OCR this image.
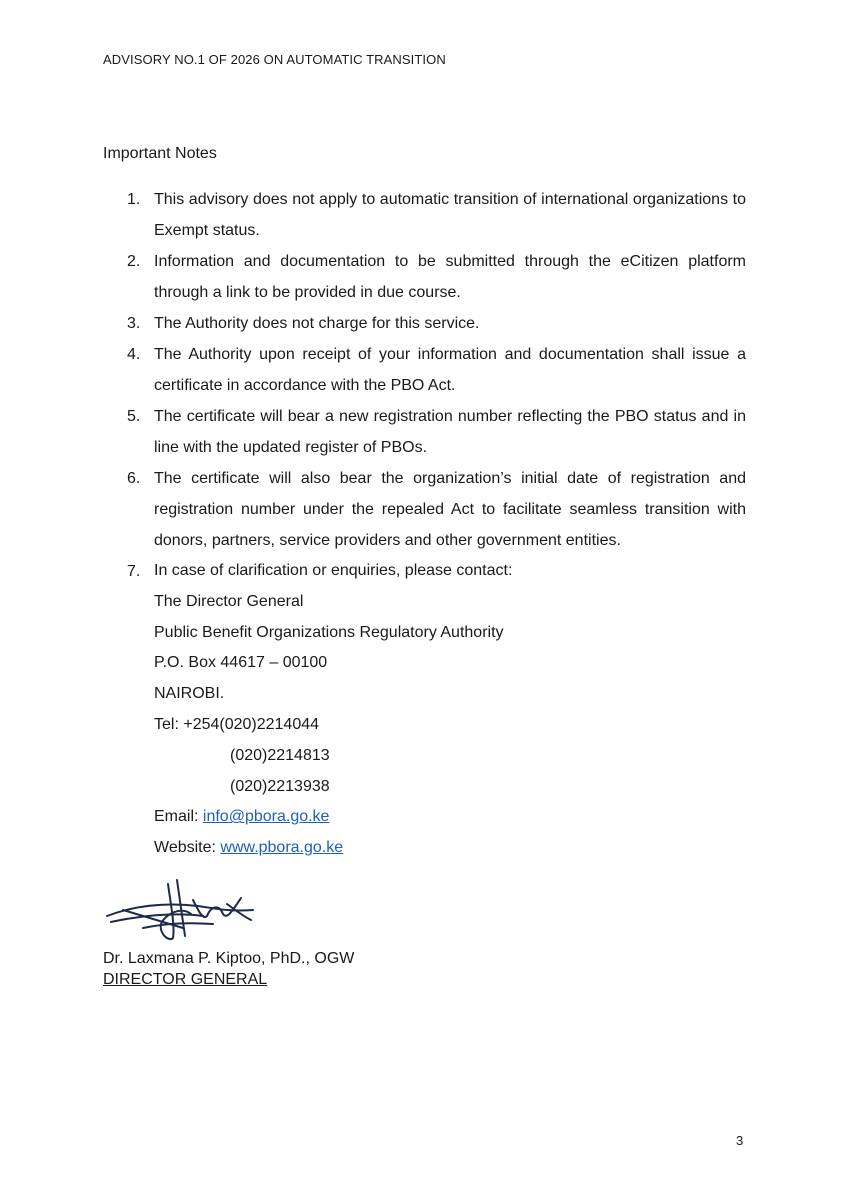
ADVISORY NO.1 OF 2026 ON AUTOMATIC TRANSITION
Important Notes
1. This advisory does not apply to automatic transition of international organizations to Exempt status.
2. Information and documentation to be submitted through the eCitizen platform through a link to be provided in due course.
3. The Authority does not charge for this service.
4. The Authority upon receipt of your information and documentation shall issue a certificate in accordance with the PBO Act.
5. The certificate will bear a new registration number reflecting the PBO status and in line with the updated register of PBOs.
6. The certificate will also bear the organization’s initial date of registration and registration number under the repealed Act to facilitate seamless transition with donors, partners, service providers and other government entities.
7. In case of clarification or enquiries, please contact:
The Director General
Public Benefit Organizations Regulatory Authority
P.O. Box 44617 – 00100
NAIROBI.
Tel: +254(020)2214044
(020)2214813
(020)2213938
Email: info@pbora.go.ke
Website: www.pbora.go.ke
Dr. Laxmana P. Kiptoo, PhD., OGW
DIRECTOR GENERAL
3
